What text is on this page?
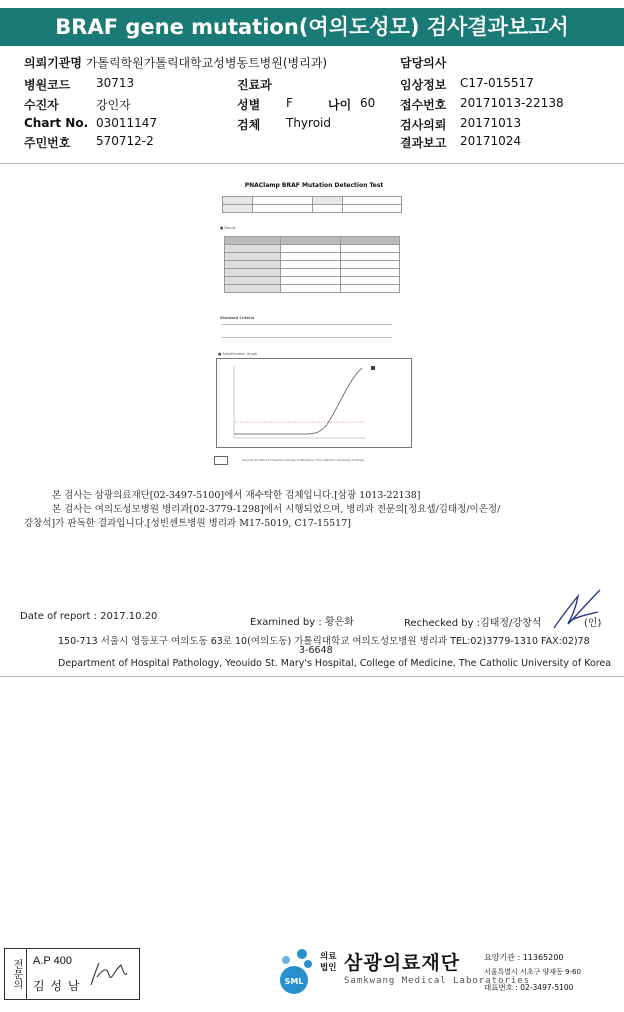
BRAF gene mutation(여의도성모) 검사결과보고서
의뢰기관명 가톨릭학원가톨릭대학교성병동트병원(병리과)	담당의사
병원코드 30713	진료과	임상정보 C17-015517
수진자	강인자	성별 F	나이 60 접수번호 20171013-22138
Chart No. 03011147	검체 Thyroid	검사의뢰 20171013
주민번호 570712-2	결과보고 20171024
PNAClamp BRAF Mutation Detection Test

■ Result

Standard Criteria
■ Amplification Graph
Yeouido St. Mary's Hospital, College of Medicine, The Catholic University of Korea
본 검사는 삼광의료재단[02-3497-5100]에서 재수탁한 검체입니다.[삼광 1013-22138]
본 검사는 여의도성모병원 병리과[02-3779-1298]에서 시행되었으며, 병리과 전문의[정요셉/김태정/이은정/
강창석]가 판독한 결과입니다.[성빈센트병원 병리과 M17-5019, C17-15517]
Date of report : 2017.10.20
Examined by : 황은화	Rechecked by :김태정/강창석	(인)
150-713 서울시 영등포구 여의도동 63로 10(여의도동) 가톨릭대학교 여의도성모병원 병리과 TEL:02)3779-1310 FAX:02)78
3-6648
Department of Hospital Pathology, Yeouido St. Mary's Hospital, College of Medicine, The Catholic University of Korea
전문의	A.P 400
김 성 남	SML
의료
법인 삼광의료재단
Samkwang Medical Laboratories
요양기관 : 11365200
서울특별시 서초구 양재동 9-60
대표번호 : 02-3497-5100
